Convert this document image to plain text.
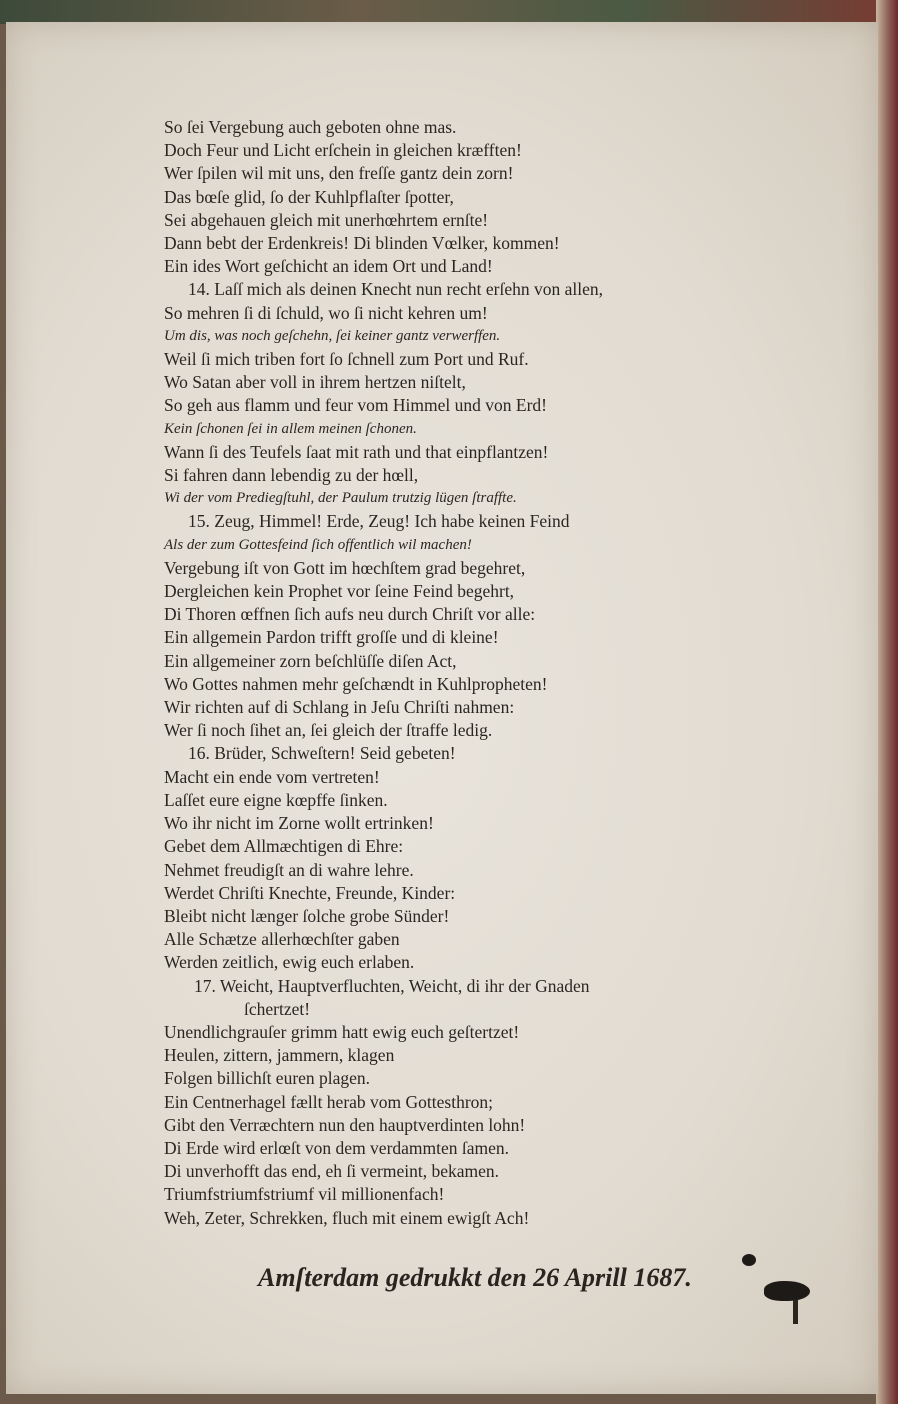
So ſei Vergebung auch geboten ohne mas.
Doch Feur und Licht erſchein in gleichen kræfften!
Wer ſpilen wil mit uns, den freſſe gantz dein zorn!
Das bœſe glid, ſo der Kuhlpflaſter ſpotter,
Sei abgehauen gleich mit unerhœhrtem ernſte!
Dann bebt der Erdenkreis! Di blinden Vœlker, kommen!
Ein ides Wort geſchicht an idem Ort und Land!
14. Laſſ mich als deinen Knecht nun recht erſehn von allen,
So mehren ſi di ſchuld, wo ſi nicht kehren um!
Um dis, was noch geſchehn, ſei keiner gantz verwerffen.
Weil ſi mich triben fort ſo ſchnell zum Port und Ruf.
Wo Satan aber voll in ihrem hertzen niſtelt,
So geh aus flamm und feur vom Himmel und von Erd!
Kein ſchonen ſei in allem meinen ſchonen.
Wann ſi des Teufels ſaat mit rath und that einpflantzen!
Si fahren dann lebendig zu der hœll,
Wi der vom Prediegſtuhl, der Paulum trutzig lügen ſtraffte.
15. Zeug, Himmel! Erde, Zeug! Ich habe keinen Feind
Als der zum Gottesfeind ſich offentlich wil machen!
Vergebung iſt von Gott im hœchſtem grad begehret,
Dergleichen kein Prophet vor ſeine Feind begehrt,
Di Thoren œffnen ſich aufs neu durch Chriſt vor alle:
Ein allgemein Pardon trifft groſſe und di kleine!
Ein allgemeiner zorn beſchlüſſe diſen Act,
Wo Gottes nahmen mehr geſchændt in Kuhlpropheten!
Wir richten auf di Schlang in Jeſu Chriſti nahmen:
Wer ſi noch ſihet an, ſei gleich der ſtraffe ledig.
16. Brüder, Schweſtern! Seid gebeten!
Macht ein ende vom vertreten!
Laſſet eure eigne kœpffe ſinken.
Wo ihr nicht im Zorne wollt ertrinken!
Gebet dem Allmæchtigen di Ehre:
Nehmet freudigſt an di wahre lehre.
Werdet Chriſti Knechte, Freunde, Kinder:
Bleibt nicht længer ſolche grobe Sünder!
Alle Schætze allerhœchſter gaben
Werden zeitlich, ewig euch erlaben.
17. Weicht, Hauptverfluchten, Weicht, di ihr der Gnaden
ſchertzet!
Unendlichgrauſer grimm hatt ewig euch geſtertzet!
Heulen, zittern, jammern, klagen
Folgen billichſt euren plagen.
Ein Centnerhagel fællt herab vom Gottesthron;
Gibt den Verræchtern nun den hauptverdinten lohn!
Di Erde wird erlœſt von dem verdammten ſamen.
Di unverhofft das end, eh ſi vermeint, bekamen.
Triumfstriumfstriumf vil millionenfach!
Weh, Zeter, Schrekken, fluch mit einem ewigſt Ach!
Amſterdam gedrukkt den 26 Aprill 1687.
